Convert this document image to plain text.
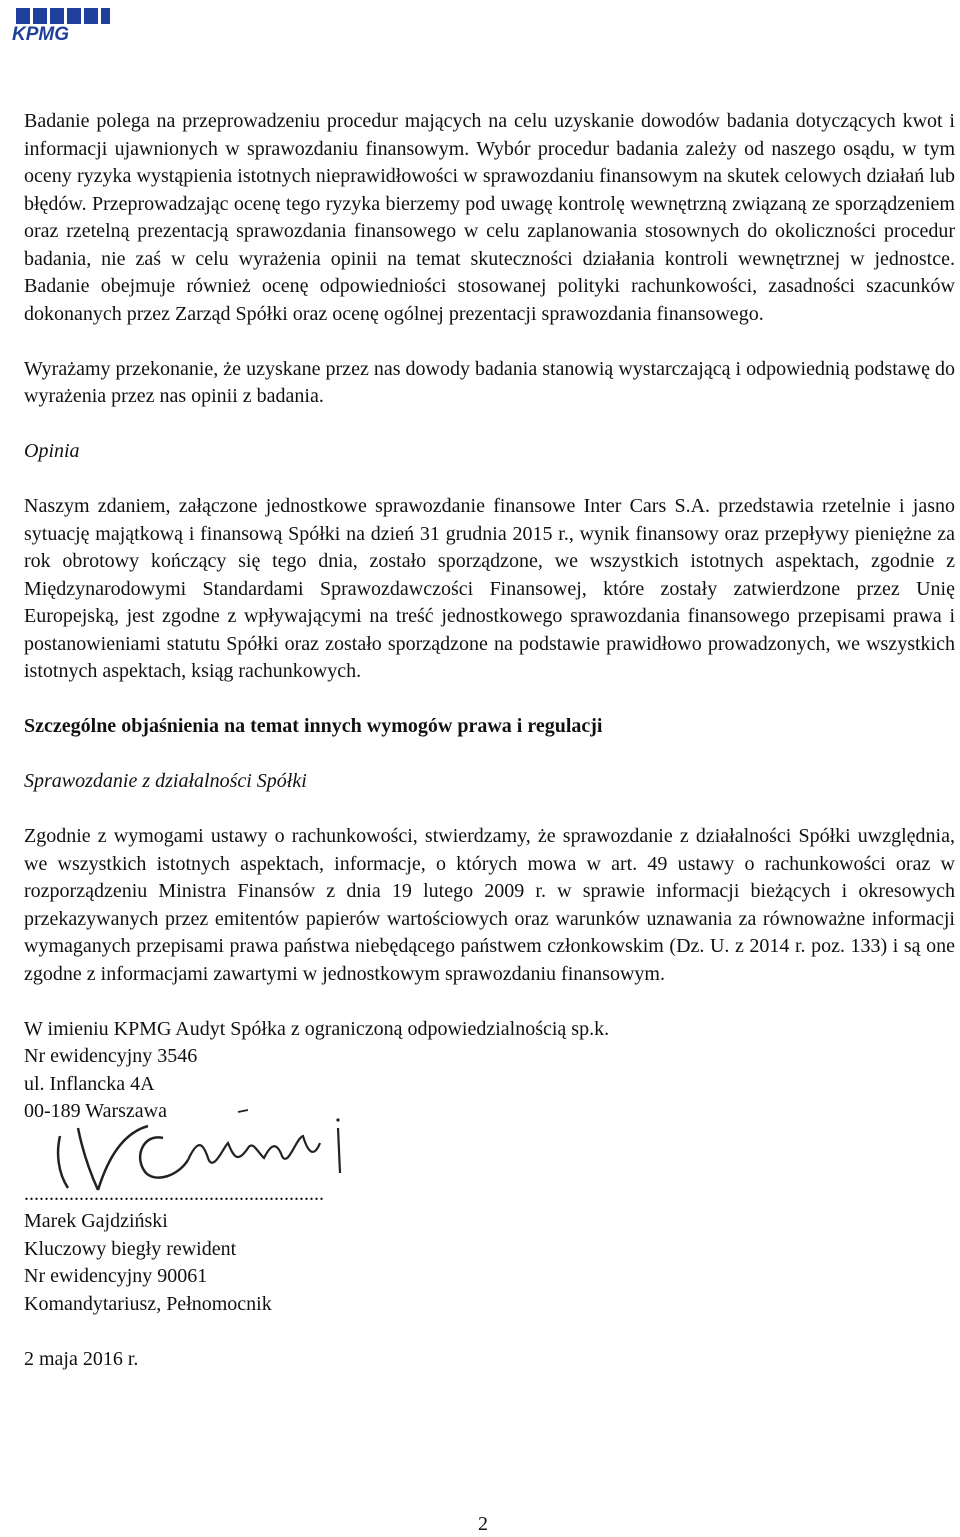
KPMG

Badanie polega na przeprowadzeniu procedur mających na celu uzyskanie dowodów badania dotyczących kwot i informacji ujawnionych w sprawozdaniu finansowym. Wybór procedur badania zależy od naszego osądu, w tym oceny ryzyka wystąpienia istotnych nieprawidłowości w sprawozdaniu finansowym na skutek celowych działań lub błędów. Przeprowadzając ocenę tego ryzyka bierzemy pod uwagę kontrolę wewnętrzną związaną ze sporządzeniem oraz rzetelną prezentacją sprawozdania finansowego w celu zaplanowania stosownych do okoliczności procedur badania, nie zaś w celu wyrażenia opinii na temat skuteczności działania kontroli wewnętrznej w jednostce. Badanie obejmuje również ocenę odpowiedniości stosowanej polityki rachunkowości, zasadności szacunków dokonanych przez Zarząd Spółki oraz ocenę ogólnej prezentacji sprawozdania finansowego.

Wyrażamy przekonanie, że uzyskane przez nas dowody badania stanowią wystarczającą i odpowiednią podstawę do wyrażenia przez nas opinii z badania.

Opinia

Naszym zdaniem, załączone jednostkowe sprawozdanie finansowe Inter Cars S.A. przedstawia rzetelnie i jasno sytuację majątkową i finansową Spółki na dzień 31 grudnia 2015 r., wynik finansowy oraz przepływy pieniężne za rok obrotowy kończący się tego dnia, zostało sporządzone, we wszystkich istotnych aspektach, zgodnie z Międzynarodowymi Standardami Sprawozdawczości Finansowej, które zostały zatwierdzone przez Unię Europejską, jest zgodne z wpływającymi na treść jednostkowego sprawozdania finansowego przepisami prawa i postanowieniami statutu Spółki oraz zostało sporządzone na podstawie prawidłowo prowadzonych, we wszystkich istotnych aspektach, ksiąg rachunkowych.

Szczególne objaśnienia na temat innych wymogów prawa i regulacji

Sprawozdanie z działalności Spółki

Zgodnie z wymogami ustawy o rachunkowości, stwierdzamy, że sprawozdanie z działalności Spółki uwzględnia, we wszystkich istotnych aspektach, informacje, o których mowa w art. 49 ustawy o rachunkowości oraz w rozporządzeniu Ministra Finansów z dnia 19 lutego 2009 r. w sprawie informacji bieżących i okresowych przekazywanych przez emitentów papierów wartościowych oraz warunków uznawania za równoważne informacji wymaganych przepisami prawa państwa niebędącego państwem członkowskim (Dz. U. z 2014 r. poz. 133) i są one zgodne z informacjami zawartymi w jednostkowym sprawozdaniu finansowym.

W imieniu KPMG Audyt Spółka z ograniczoną odpowiedzialnością sp.k.
Nr ewidencyjny 3546
ul. Inflancka 4A
00-189 Warszawa
............................................................
Marek Gajdziński
Kluczowy biegły rewident
Nr ewidencyjny 90061
Komandytariusz, Pełnomocnik
2 maja 2016 r.
2
